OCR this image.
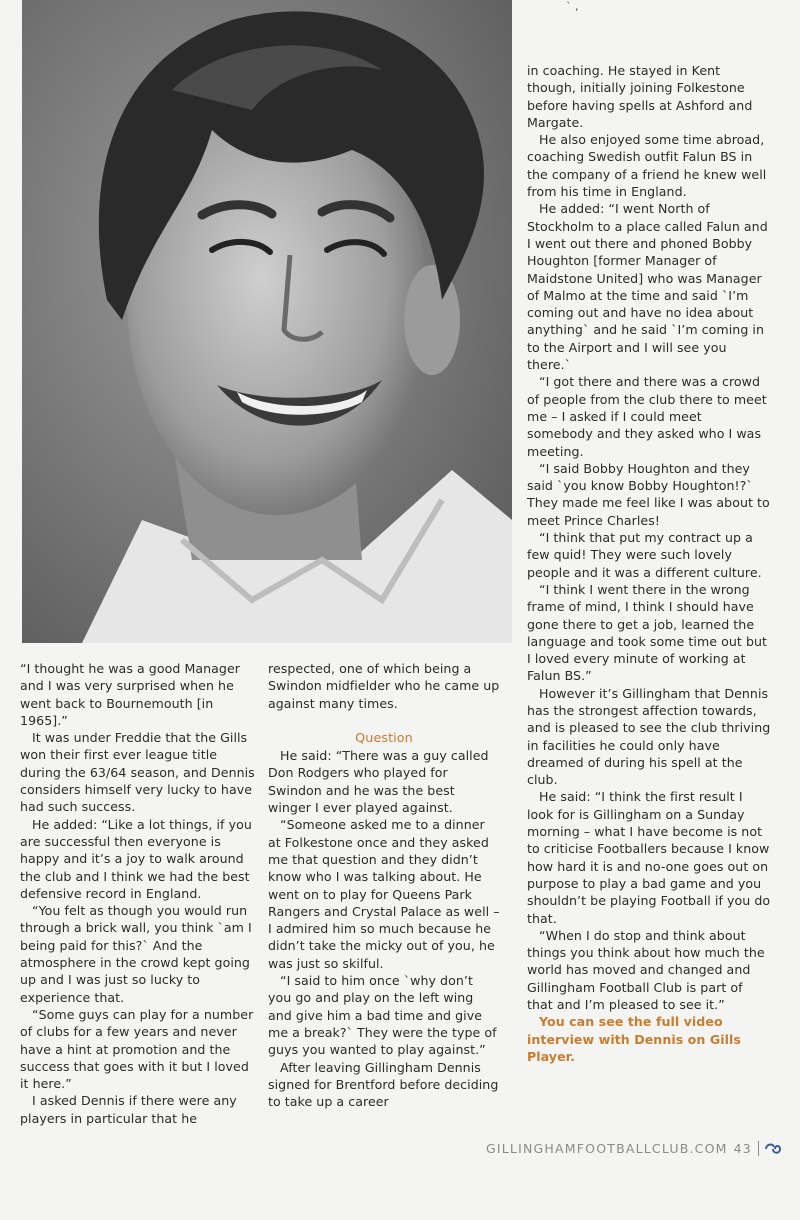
` ,

in coaching. He stayed in Kent though, initially joining Folkestone before having spells at Ashford and Margate.

He also enjoyed some time abroad, coaching Swedish outfit Falun BS in the company of a friend he knew well from his time in England.

He added: “I went North of Stockholm to a place called Falun and I went out there and phoned Bobby Houghton [former Manager of Maidstone United] who was Manager of Malmo at the time and said `I’m coming out and have no idea about anything` and he said `I’m coming in to the Airport and I will see you there.`

“I got there and there was a crowd of people from the club there to meet me – I asked if I could meet somebody and they asked who I was meeting.

“I said Bobby Houghton and they said `you know Bobby Houghton!?` They made me feel like I was about to meet Prince Charles!

“I think that put my contract up a few quid! They were such lovely people and it was a different culture.

“I think I went there in the wrong frame of mind, I think I should have gone there to get a job, learned the language and took some time out but I loved every minute of working at Falun BS.”

However it’s Gillingham that Dennis has the strongest affection towards, and is pleased to see the club thriving in facilities he could only have dreamed of during his spell at the club.

He said: “I think the first result I look for is Gillingham on a Sunday morning – what I have become is not to criticise Footballers because I know how hard it is and no-one goes out on purpose to play a bad game and you shouldn’t be playing Football if you do that.

“When I do stop and think about things you think about how much the world has moved and changed and Gillingham Football Club is part of that and I’m pleased to see it.”

You can see the full video interview with Dennis on Gills Player.

“I thought he was a good Manager and I was very surprised when he went back to Bournemouth [in 1965].”

It was under Freddie that the Gills won their first ever league title during the 63/64 season, and Dennis considers himself very lucky to have had such success.

He added: “Like a lot things, if you are successful then everyone is happy and it’s a joy to walk around the club and I think we had the best defensive record in England.

“You felt as though you would run through a brick wall, you think `am I being paid for this?` And the atmosphere in the crowd kept going up and I was just so lucky to experience that.

“Some guys can play for a number of clubs for a few years and never have a hint at promotion and the success that goes with it but I loved it here.”

I asked Dennis if there were any players in particular that he

respected, one of which being a Swindon midfielder who he came up against many times.

Question

He said: “There was a guy called Don Rodgers who played for Swindon and he was the best winger I ever played against.

“Someone asked me to a dinner at Folkestone once and they asked me that question and they didn’t know who I was talking about. He went on to play for Queens Park Rangers and Crystal Palace as well – I admired him so much because he didn’t take the micky out of you, he was just so skilful.

“I said to him once `why don’t you go and play on the left wing and give him a bad time and give me a break?` They were the type of guys you wanted to play against.”

After leaving Gillingham Dennis signed for Brentford before deciding to take up a career

GILLINGHAMFOOTBALLCLUB.COM 43
